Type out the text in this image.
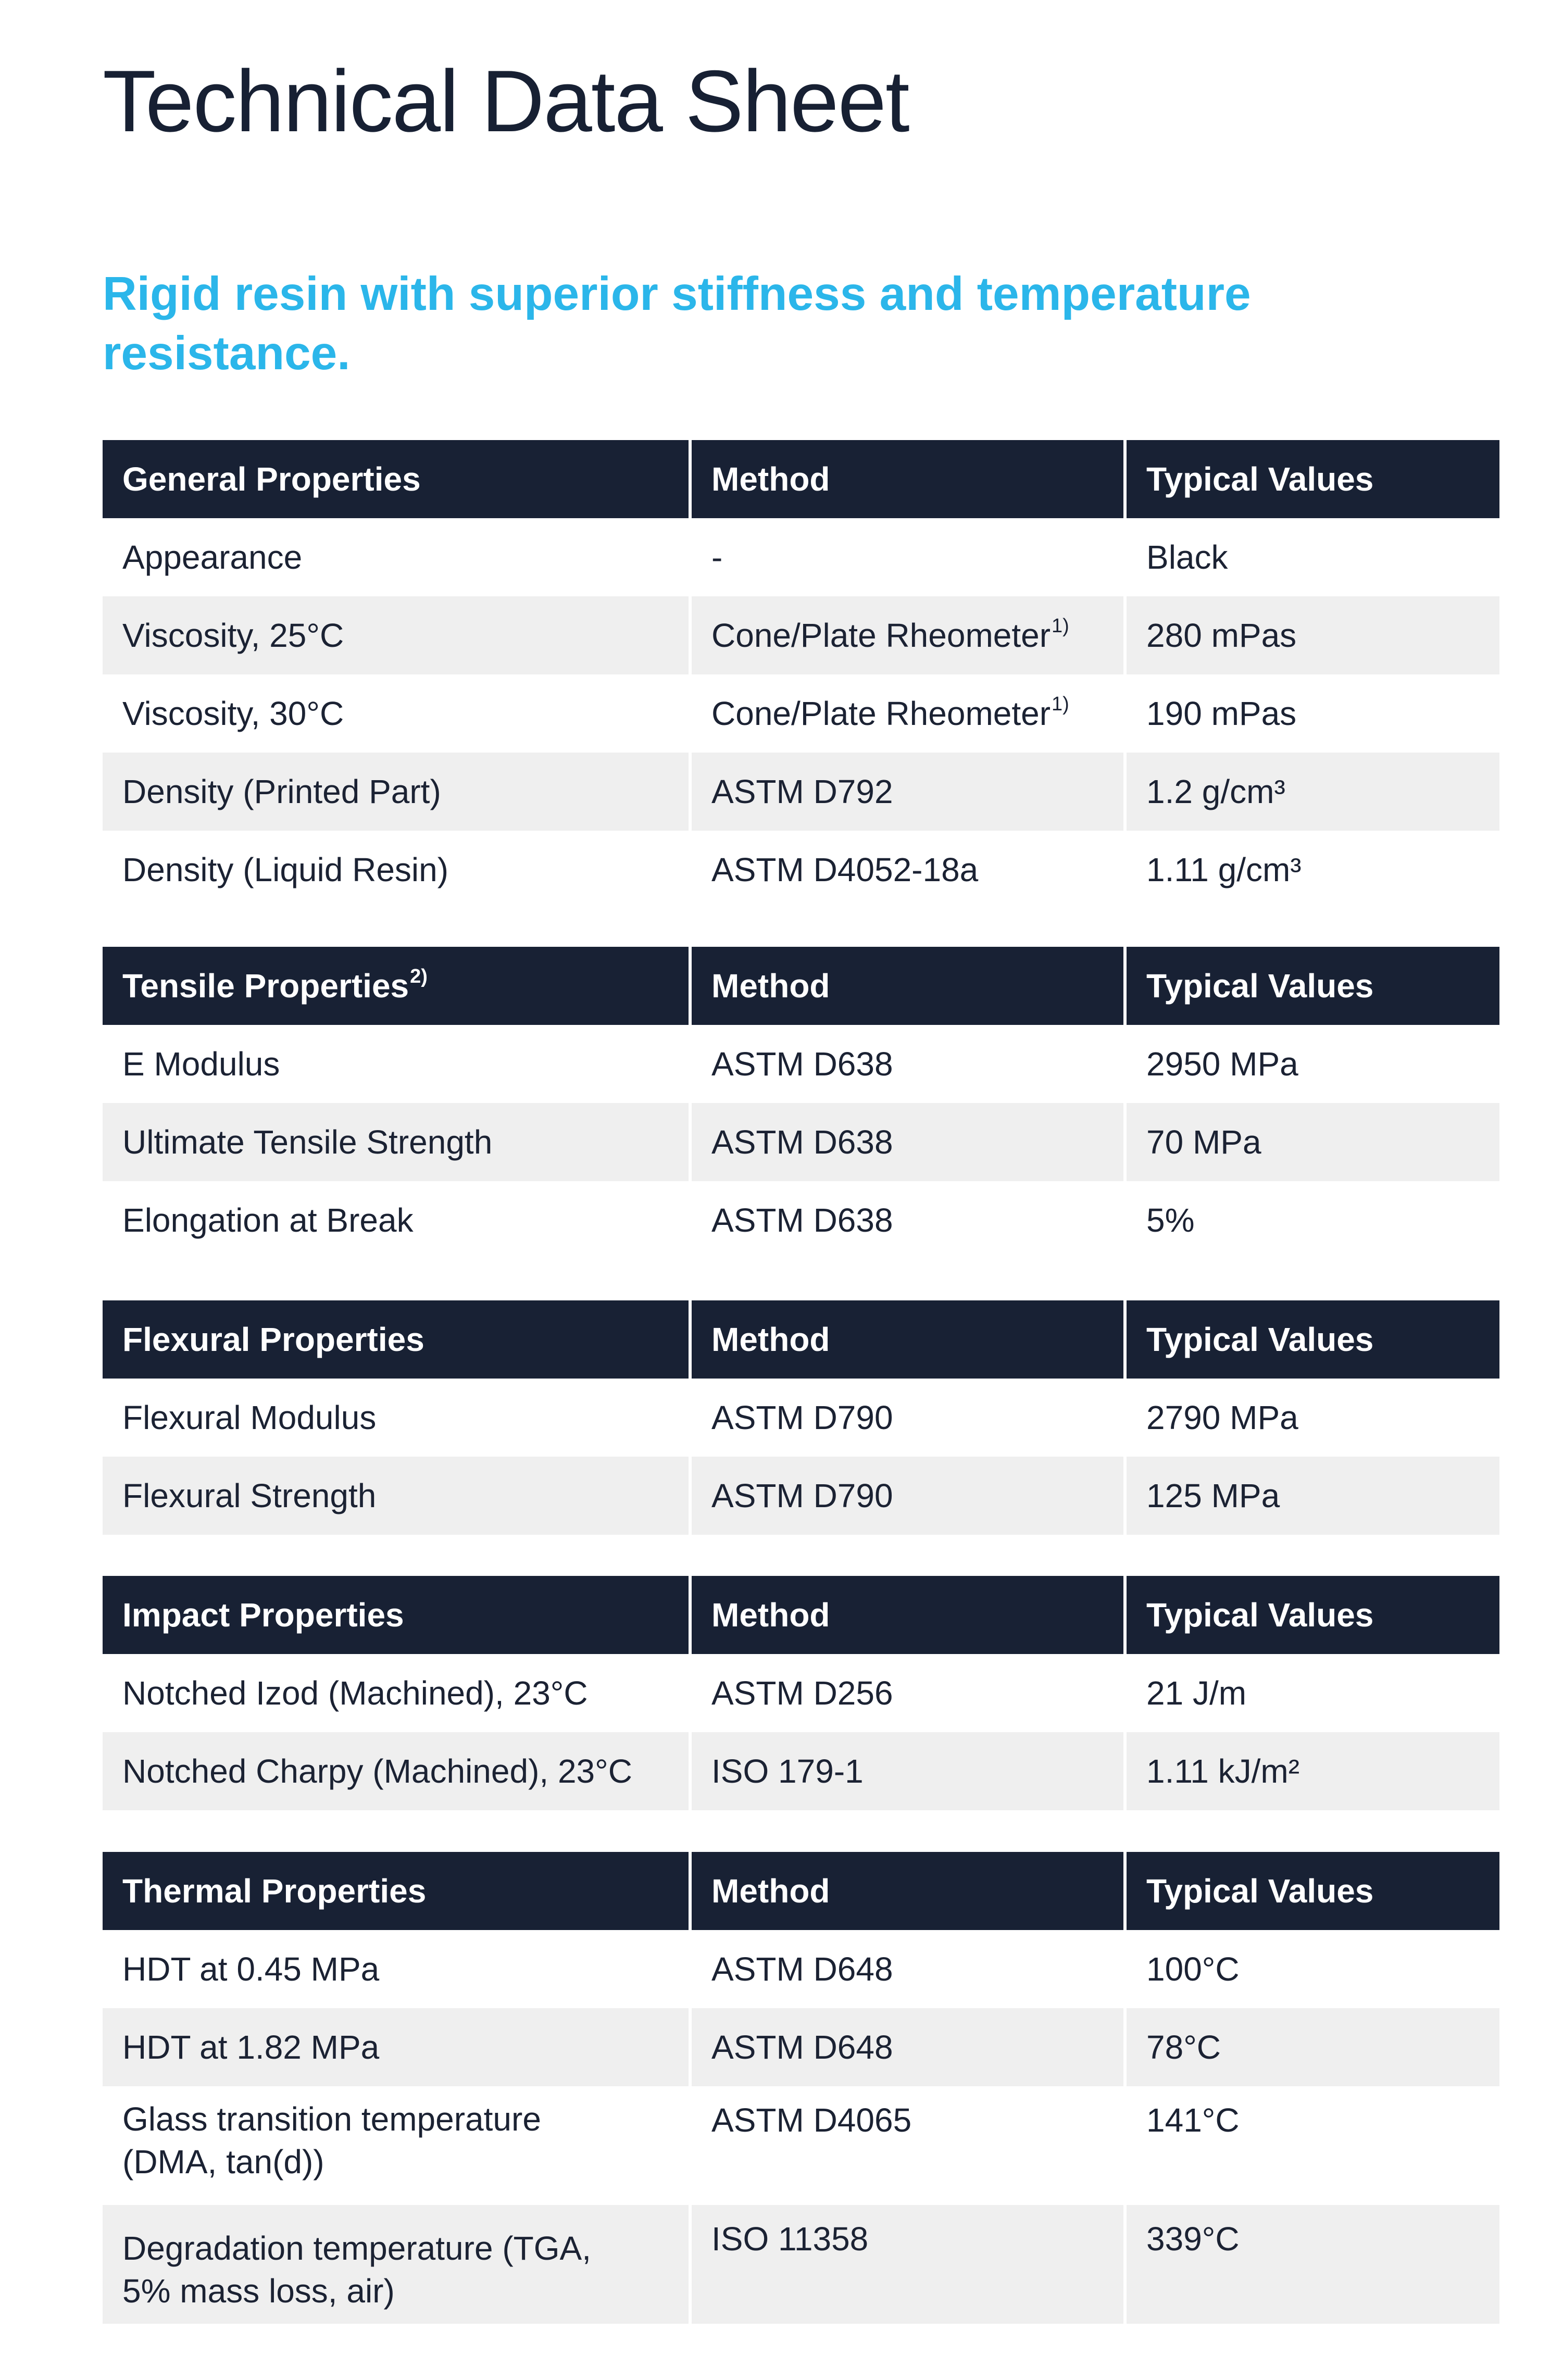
Technical Data Sheet

Rigid resin with superior stiffness and temperature resistance.

General Properties	Method	Typical Values
Appearance	-	Black
Viscosity, 25°C	Cone/Plate Rheometer$^{1)}$	280 mPas
Viscosity, 30°C	Cone/Plate Rheometer$^{1)}$	190 mPas
Density (Printed Part)	ASTM D792	1.2 g/cm³
Density (Liquid Resin)	ASTM D4052-18a	1.11 g/cm³
Tensile Properties$^{2)}$	Method	Typical Values
E Modulus	ASTM D638	2950 MPa
Ultimate Tensile Strength	ASTM D638	70 MPa
Elongation at Break	ASTM D638	5%
Flexural Properties	Method	Typical Values
Flexural Modulus	ASTM D790	2790 MPa
Flexural Strength	ASTM D790	125 MPa
Impact Properties	Method	Typical Values
Notched Izod (Machined), 23°C	ASTM D256	21 J/m
Notched Charpy (Machined), 23°C	ISO 179-1	1.11 kJ/m²
Thermal Properties	Method	Typical Values
HDT at 0.45 MPa	ASTM D648	100°C
HDT at 1.82 MPa	ASTM D648	78°C
Glass transition temperature
(DMA, tan(d))	ASTM D4065	141°C
Degradation temperature (TGA,
5% mass loss, air)	ISO 11358	339°C
